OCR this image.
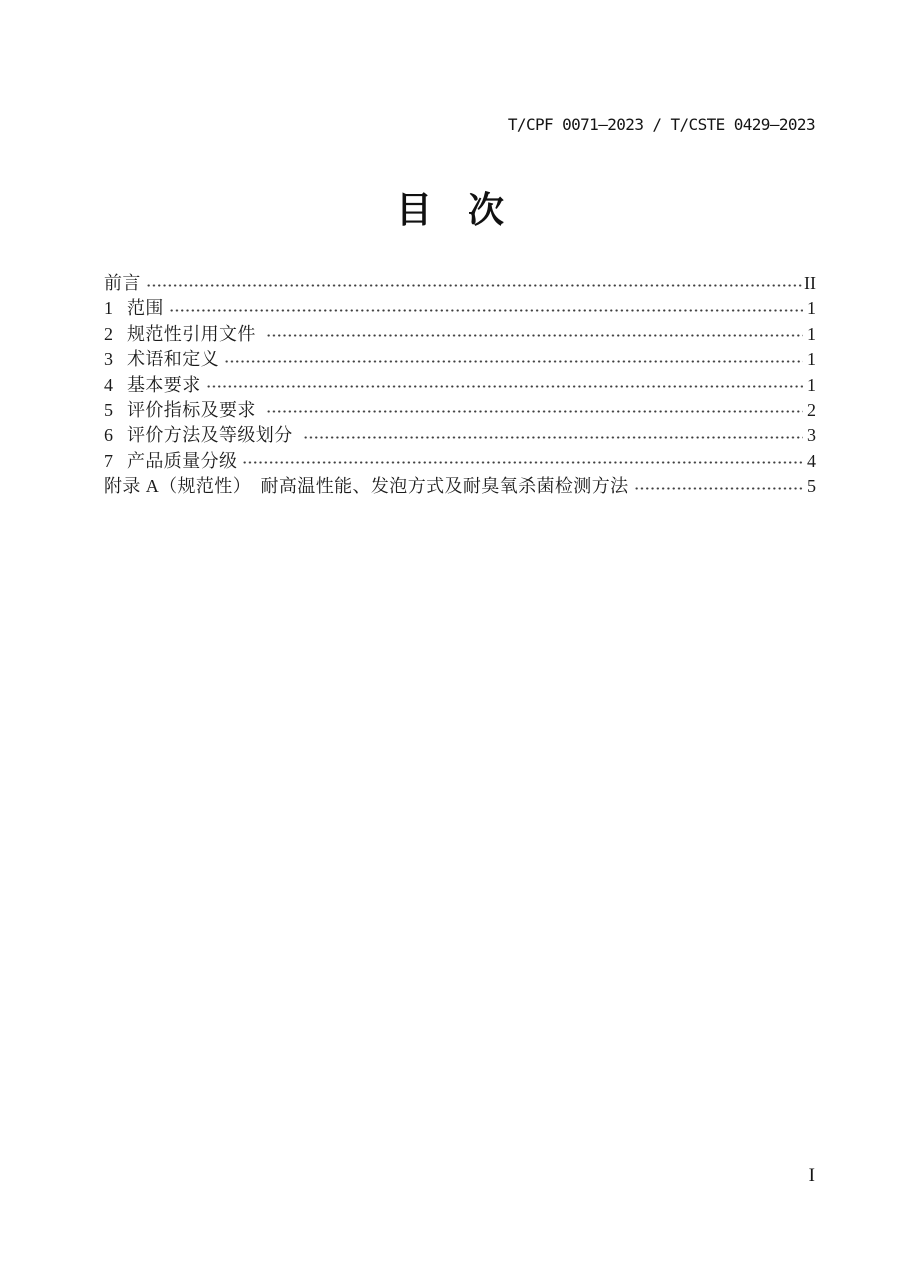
T/CPF 0071—2023 / T/CSTE 0429—2023
目　次
前言	II
1 范围	1
2 规范性引用文件	1
3 术语和定义	1
4 基本要求	1
5 评价指标及要求	2
6 评价方法及等级划分	3
7 产品质量分级	4
附录 A（规范性）　耐高温性能、发泡方式及耐臭氧杀菌检测方法	5
I
